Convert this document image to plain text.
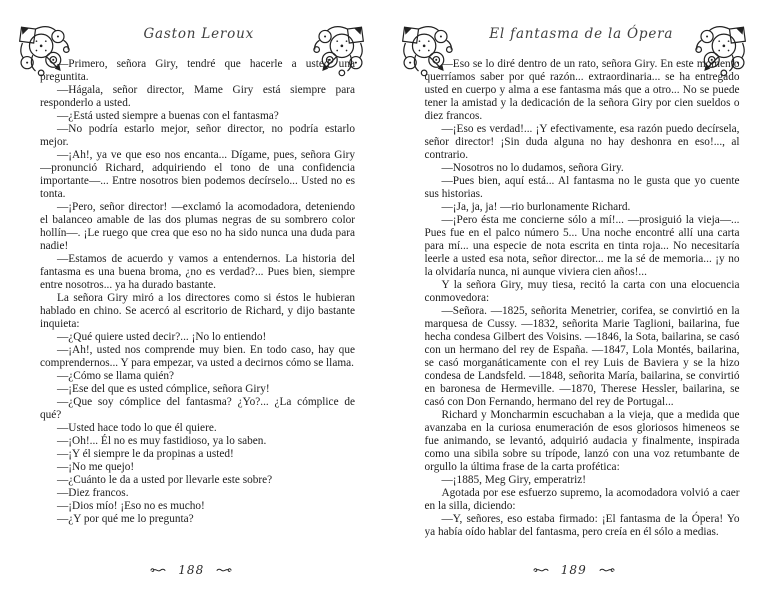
Gaston Leroux

—Primero, señora Giry, tendré que hacerle a usted una preguntita.

—Hágala, señor director, Mame Giry está siempre para responderlo a usted.

—¿Está usted siempre a buenas con el fantasma?

—No podría estarlo mejor, señor director, no podría estarlo mejor.

—¡Ah!, ya ve que eso nos encanta... Dígame, pues, señora Giry —pronunció Richard, adquiriendo el tono de una confidencia importante—... Entre nosotros bien podemos decírselo... Usted no es tonta.

—¡Pero, señor director! —exclamó la acomodadora, deteniendo el balanceo amable de las dos plumas negras de su sombrero color hollín—. ¡Le ruego que crea que eso no ha sido nunca una duda para nadie!

—Estamos de acuerdo y vamos a entendernos. La historia del fantasma es una buena broma, ¿no es verdad?... Pues bien, siempre entre nosotros... ya ha durado bastante.

La señora Giry miró a los directores como si éstos le hubieran hablado en chino. Se acercó al escritorio de Richard, y dijo bastante inquieta:

—¿Qué quiere usted decir?... ¡No lo entiendo!

—¡Ah!, usted nos comprende muy bien. En todo caso, hay que comprendernos... Y para empezar, va usted a decirnos cómo se llama.

—¿Cómo se llama quién?

—¡Ese del que es usted cómplice, señora Giry!

—¿Que soy cómplice del fantasma? ¿Yo?... ¿La cómplice de qué?

—Usted hace todo lo que él quiere.

—¡Oh!... Él no es muy fastidioso, ya lo saben.

—¡Y él siempre le da propinas a usted!

—¡No me quejo!

—¿Cuánto le da a usted por llevarle este sobre?

—Diez francos.

—¡Dios mío! ¡Eso no es mucho!

—¿Y por qué me lo pregunta?

188
El fantasma de la Ópera

—Eso se lo diré dentro de un rato, señora Giry. En este momento querríamos saber por qué razón... extraordinaria... se ha entregado usted en cuerpo y alma a ese fantasma más que a otro... No se puede tener la amistad y la dedicación de la señora Giry por cien sueldos o diez francos.

—¡Eso es verdad!... ¡Y efectivamente, esa razón puedo decírsela, señor director! ¡Sin duda alguna no hay deshonra en eso!..., al contrario.

—Nosotros no lo dudamos, señora Giry.

—Pues bien, aquí está... Al fantasma no le gusta que yo cuente sus historias.

—¡Ja, ja, ja! —rio burlonamente Richard.

—¡Pero ésta me concierne sólo a mí!... —prosiguió la vieja—... Pues fue en el palco número 5... Una noche encontré allí una carta para mí... una especie de nota escrita en tinta roja... No necesitaría leerle a usted esa nota, señor director... me la sé de memoria... ¡y no la olvidaría nunca, ni aunque viviera cien años!...

Y la señora Giry, muy tiesa, recitó la carta con una elocuencia conmovedora:

—Señora. —1825, señorita Menetrier, corifea, se convirtió en la marquesa de Cussy. —1832, señorita Marie Taglioni, bailarina, fue hecha condesa Gilbert des Voisins. —1846, la Sota, bailarina, se casó con un hermano del rey de España. —1847, Lola Montés, bailarina, se casó morganáticamente con el rey Luis de Baviera y se la hizo condesa de Landsfeld. —1848, señorita María, bailarina, se convirtió en baronesa de Hermeville. —1870, Therese Hessler, bailarina, se casó con Don Fernando, hermano del rey de Portugal...

Richard y Moncharmin escuchaban a la vieja, que a medida que avanzaba en la curiosa enumeración de esos gloriosos himeneos se fue animando, se levantó, adquirió audacia y finalmente, inspirada como una sibila sobre su trípode, lanzó con una voz retumbante de orgullo la última frase de la carta profética:

—¡1885, Meg Giry, emperatriz!

Agotada por ese esfuerzo supremo, la acomodadora volvió a caer en la silla, diciendo:

—Y, señores, eso estaba firmado: ¡El fantasma de la Ópera! Yo ya había oído hablar del fantasma, pero creía en él sólo a medias.

189
